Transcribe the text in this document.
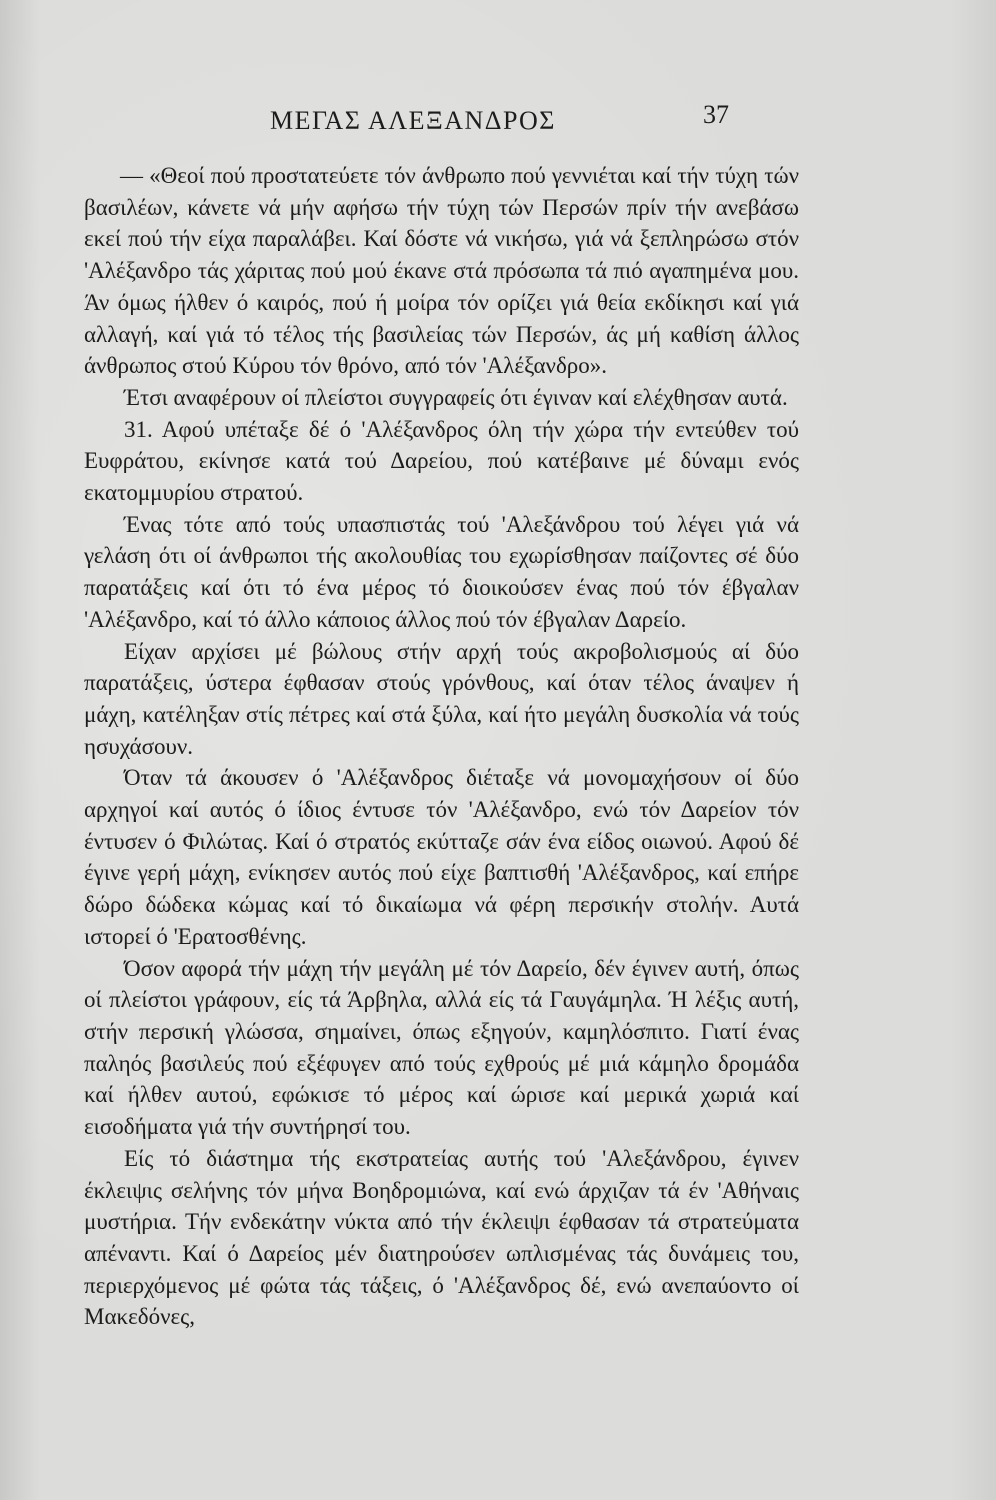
ΜΕΓΑΣ ΑΛΕΞΑΝΔΡΟΣ	37

— «Θεοί πού προστατεύετε τόν άνθρωπο πού γεννιέται καί τήν τύχη τών βασιλέων, κάνετε νά μήν αφήσω τήν τύχη τών Περσών πρίν τήν ανεβάσω εκεί πού τήν είχα παραλάβει. Καί δόστε νά νικήσω, γιά νά ξεπληρώσω στόν 'Αλέξανδρο τάς χάριτας πού μού έκανε στά πρόσωπα τά πιό αγαπημένα μου. Άν όμως ήλθεν ό καιρός, πού ή μοίρα τόν ορίζει γιά θεία εκδίκησι καί γιά αλλαγή, καί γιά τό τέλος τής βασιλείας τών Περσών, άς μή καθίση άλλος άνθρωπος στού Κύρου τόν θρόνο, από τόν 'Αλέξανδρο».

Έτσι αναφέρουν οί πλείστοι συγγραφείς ότι έγιναν καί ελέχθησαν αυτά.

31. Αφού υπέταξε δέ ό 'Αλέξανδρος όλη τήν χώρα τήν εντεύθεν τού Ευφράτου, εκίνησε κατά τού Δαρείου, πού κατέβαινε μέ δύναμι ενός εκατομμυρίου στρατού.

Ένας τότε από τούς υπασπιστάς τού 'Αλεξάνδρου τού λέγει γιά νά γελάση ότι οί άνθρωποι τής ακολουθίας του εχωρίσθησαν παίζοντες σέ δύο παρατάξεις καί ότι τό ένα μέρος τό διοικούσεν ένας πού τόν έβγαλαν 'Αλέξανδρο, καί τό άλλο κάποιος άλλος πού τόν έβγαλαν Δαρείο.

Είχαν αρχίσει μέ βώλους στήν αρχή τούς ακροβολισμούς αί δύο παρατάξεις, ύστερα έφθασαν στούς γρόνθους, καί όταν τέλος άναψεν ή μάχη, κατέληξαν στίς πέτρες καί στά ξύλα, καί ήτο μεγάλη δυσκολία νά τούς ησυχάσουν.

Όταν τά άκουσεν ό 'Αλέξανδρος διέταξε νά μονομαχήσουν οί δύο αρχηγοί καί αυτός ό ίδιος έντυσε τόν 'Αλέξανδρο, ενώ τόν Δαρείον τόν έντυσεν ό Φιλώτας. Καί ό στρατός εκύτταζε σάν ένα είδος οιωνού. Αφού δέ έγινε γερή μάχη, ενίκησεν αυτός πού είχε βαπτισθή 'Αλέξανδρος, καί επήρε δώρο δώδεκα κώμας καί τό δικαίωμα νά φέρη περσικήν στολήν. Αυτά ιστορεί ό 'Ερατοσθένης.

Όσον αφορά τήν μάχη τήν μεγάλη μέ τόν Δαρείο, δέν έγινεν αυτή, όπως οί πλείστοι γράφουν, είς τά Άρβηλα, αλλά είς τά Γαυγάμηλα. Ή λέξις αυτή, στήν περσική γλώσσα, σημαίνει, όπως εξηγούν, καμηλόσπιτο. Γιατί ένας παληός βασιλεύς πού εξέφυγεν από τούς εχθρούς μέ μιά κάμηλο δρομάδα καί ήλθεν αυτού, εφώκισε τό μέρος καί ώρισε καί μερικά χωριά καί εισοδήματα γιά τήν συντήρησί του.

Είς τό διάστημα τής εκστρατείας αυτής τού 'Αλεξάνδρου, έγινεν έκλειψις σελήνης τόν μήνα Βοηδρομιώνα, καί ενώ άρχιζαν τά έν 'Αθήναις μυστήρια. Τήν ενδεκάτην νύκτα από τήν έκλειψι έφθασαν τά στρατεύματα απέναντι. Καί ό Δαρείος μέν διατηρούσεν ωπλισμένας τάς δυνάμεις του, περιερχόμενος μέ φώτα τάς τάξεις, ό 'Αλέξανδρος δέ, ενώ ανεπαύοντο οί Μακεδόνες,
